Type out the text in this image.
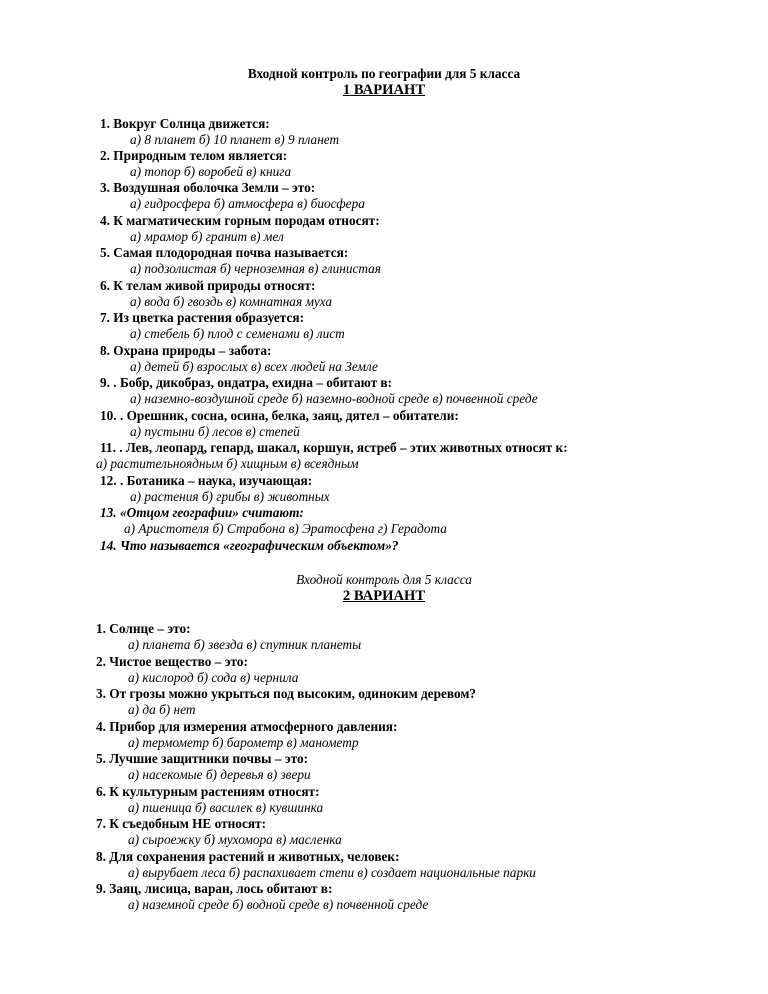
Входной контроль по географии для 5 класса
1 ВАРИАНТ
1. Вокруг Солнца движется:
а) 8 планет б) 10 планет в) 9 планет
2. Природным телом является:
а) топор б) воробей в) книга
3. Воздушная оболочка Земли – это:
а) гидросфера б) атмосфера в) биосфера
4. К магматическим горным породам относят:
а) мрамор б) гранит в) мел
5. Самая плодородная почва называется:
а) подзолистая б) черноземная в) глинистая
6. К телам живой природы относят:
а) вода б) гвоздь в) комнатная муха
7. Из цветка растения образуется:
а) стебель б) плод с семенами в) лист
8. Охрана природы – забота:
а) детей б) взрослых в) всех людей на Земле
9. . Бобр, дикобраз, ондатра, ехидна – обитают в:
а) наземно-воздушной среде б) наземно-водной среде в) почвенной среде
10. . Орешник, сосна, осина, белка, заяц, дятел – обитатели:
а) пустыни б) лесов в) степей
11. . Лев, леопард, гепард, шакал, коршун, ястреб – этих животных относят к:
а) растительноядным б) хищным в) всеядным
12. . Ботаника – наука, изучающая:
а) растения б) грибы в) животных
13. «Отцом географии» считают:
а) Аристотеля б) Страбона в) Эратосфена г) Герадота
14. Что называется «географическим объектом»?
Входной контроль для 5 класса
2 ВАРИАНТ
1. Солнце – это:
а) планета б) звезда в) спутник планеты
2. Чистое вещество – это:
а) кислород б) сода в) чернила
3. От грозы можно укрыться под высоким, одиноким деревом?
а) да б) нет
4. Прибор для измерения атмосферного давления:
а) термометр б) барометр в) манометр
5. Лучшие защитники почвы – это:
а) насекомые б) деревья в) звери
6. К культурным растениям относят:
а) пшеница б) василек в) кувшинка
7. К съедобным НЕ относят:
а) сыроежку б) мухомора в) масленка
8. Для сохранения растений и животных, человек:
а) вырубает леса б) распахивает степи в) создает национальные парки
9. Заяц, лисица, варан, лось обитают в:
а) наземной среде б) водной среде в) почвенной среде
